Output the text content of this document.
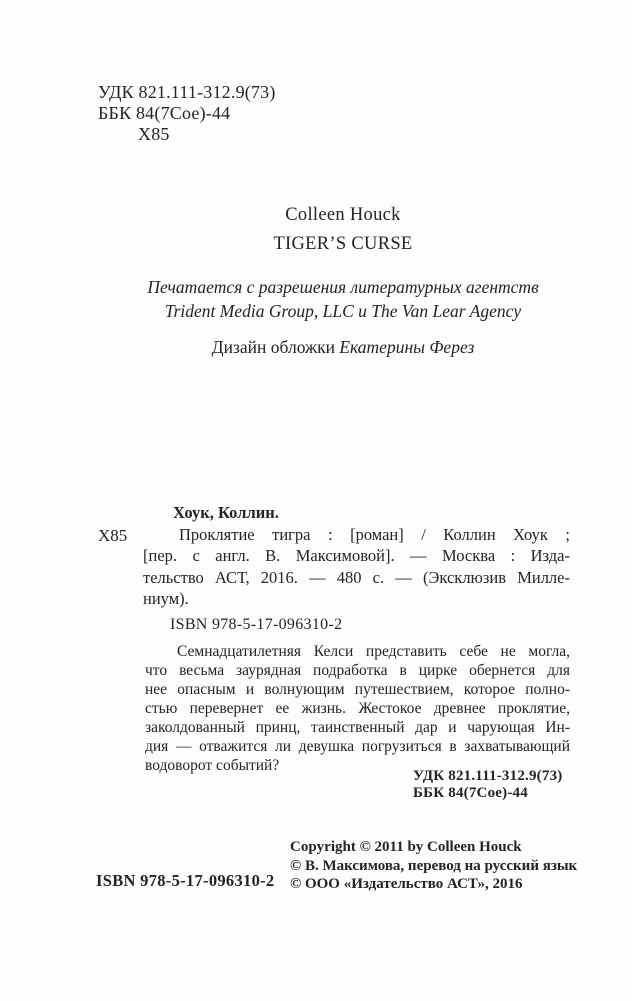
УДК 821.111-312.9(73)
ББК 84(7Сое)-44
Х85
Colleen Houck
TIGER’S CURSE
Печатается с разрешения литературных агентств
Trident Media Group, LLC и The Van Lear Agency
Дизайн обложки Екатерины Ферез
Х85
Хоук, Коллин.
Проклятие тигра : [роман] / Коллин Хоук ;
[пер. с англ. В. Максимовой]. — Москва : Изда-
тельство АСТ, 2016. — 480 с. — (Эксклюзив Милле-
ниум).
ISBN 978-5-17-096310-2
Семнадцатилетняя Келси представить себе не могла,
что весьма заурядная подработка в цирке обернется для
нее опасным и волнующим путешествием, которое полно-
стью перевернет ее жизнь. Жестокое древнее проклятие,
заколдованный принц, таинственный дар и чарующая Ин-
дия — отважится ли девушка погрузиться в захватывающий
водоворот событий?
УДК 821.111-312.9(73)
ББК 84(7Сое)-44
Copyright © 2011 by Colleen Houck
© В. Максимова, перевод на русский язык
© ООО «Издательство АСТ», 2016
ISBN 978-5-17-096310-2
